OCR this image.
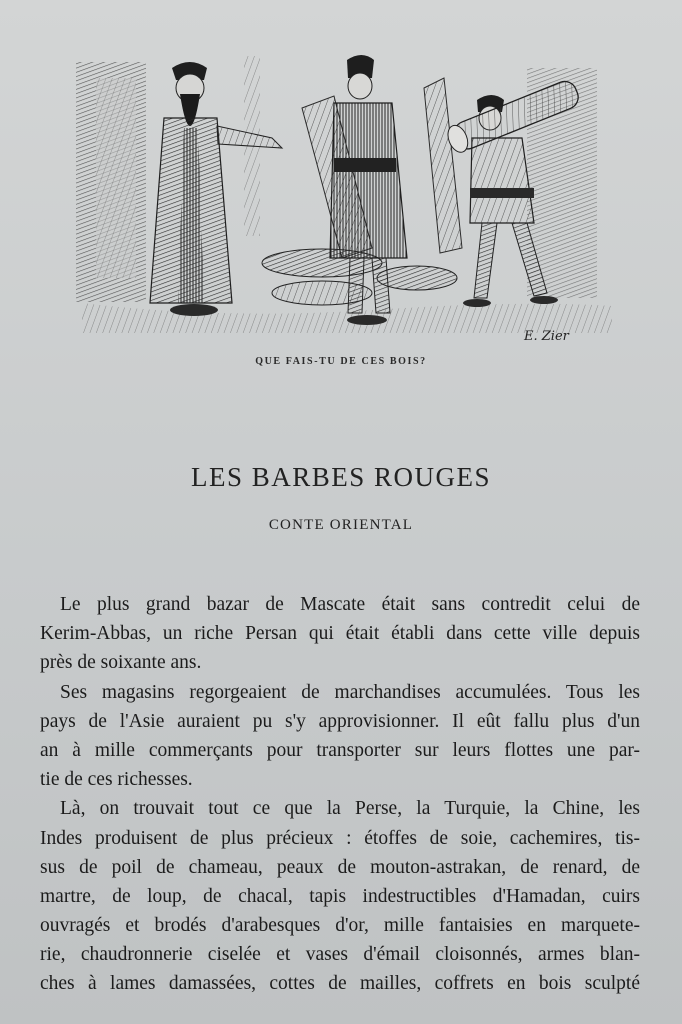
E. Zier
QUE FAIS-TU DE CES BOIS?
LES BARBES ROUGES
CONTE ORIENTAL
Le plus grand bazar de Mascate était sans contredit celui de
Kerim-Abbas, un riche Persan qui était établi dans cette ville depuis
près de soixante ans.
Ses magasins regorgeaient de marchandises accumulées. Tous les
pays de l'Asie auraient pu s'y approvisionner. Il eût fallu plus d'un
an à mille commerçants pour transporter sur leurs flottes une par-
tie de ces richesses.
Là, on trouvait tout ce que la Perse, la Turquie, la Chine, les
Indes produisent de plus précieux : étoffes de soie, cachemires, tis-
sus de poil de chameau, peaux de mouton-astrakan, de renard, de
martre, de loup, de chacal, tapis indestructibles d'Hamadan, cuirs
ouvragés et brodés d'arabesques d'or, mille fantaisies en marquete-
rie, chaudronnerie ciselée et vases d'émail cloisonnés, armes blan-
ches à lames damassées, cottes de mailles, coffrets en bois sculpté
